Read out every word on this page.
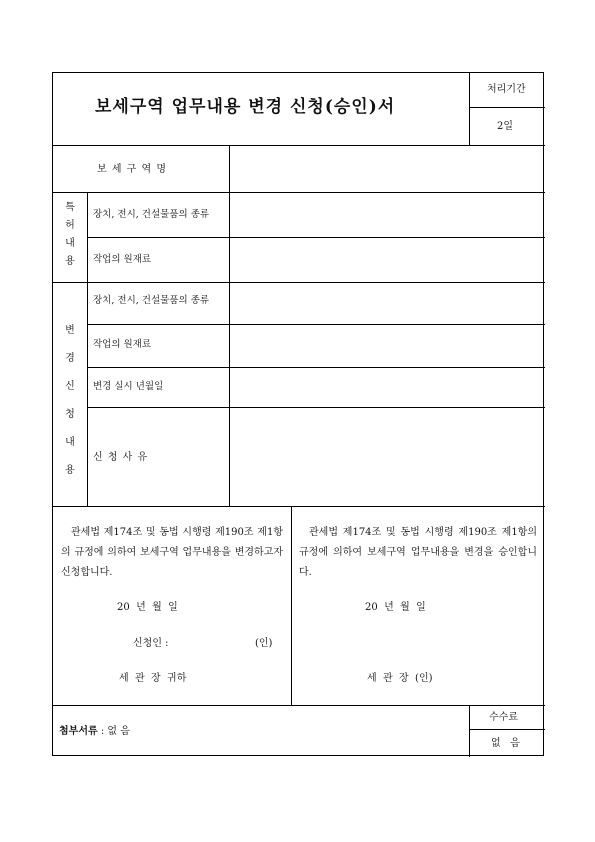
보세구역 업무내용 변경 신청(승인)서
처리기간
2일
보 세 구 역 명
특
허
내
용
장치, 전시, 건설물품의 종류
작업의 원재료
변
경
신
청
내
용
장치, 전시, 건설물품의 종류
작업의 원재료
변경 실시 년월일
신 청 사 유
관세법 제174조 및 동법 시행령 제190조 제1항의 규정에 의하여 보세구역 업무내용을 변경하고자 신청합니다.
20  년  월  일
신청인 :	(인)
세  관  장  귀하
관세법 제174조 및 동법 시행령 제190조 제1항의 규정에 의하여 보세구역 업무내용을 변경을 승인합니다.
20  년  월  일
세  관  장  (인)
첨부서류 : 없 음
수수료
없   음
